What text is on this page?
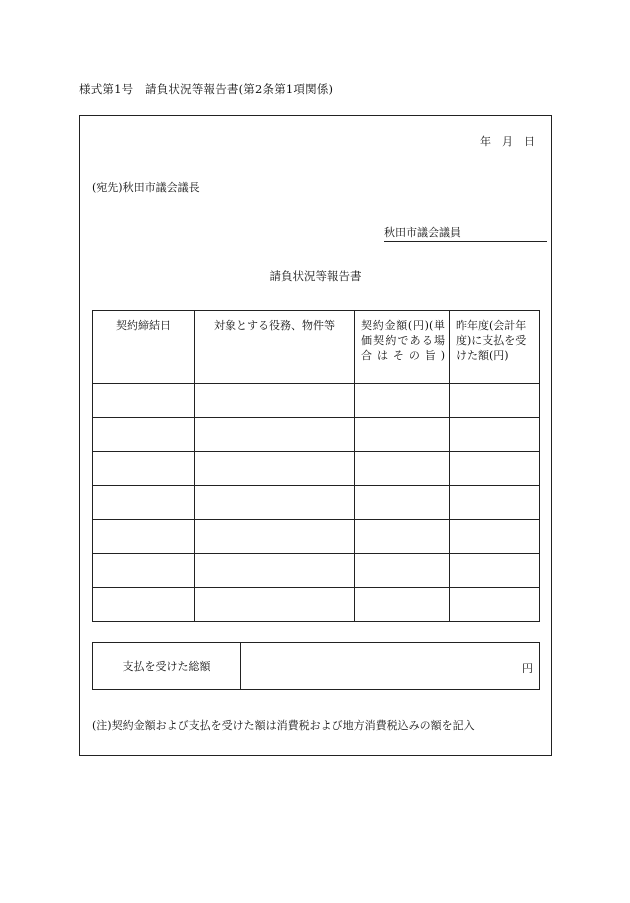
様式第1号　請負状況等報告書(第2条第1項関係)
年　月　日
(宛先)秋田市議会議長
秋田市議会議員
請負状況等報告書
契約締結日	対象とする役務、物件等	契約金額(円)(単価契約である場合はその旨)	昨年度(会計年度)に支払を受けた額(円)

支払を受けた総額	円
(注)契約金額および支払を受けた額は消費税および地方消費税込みの額を記入
